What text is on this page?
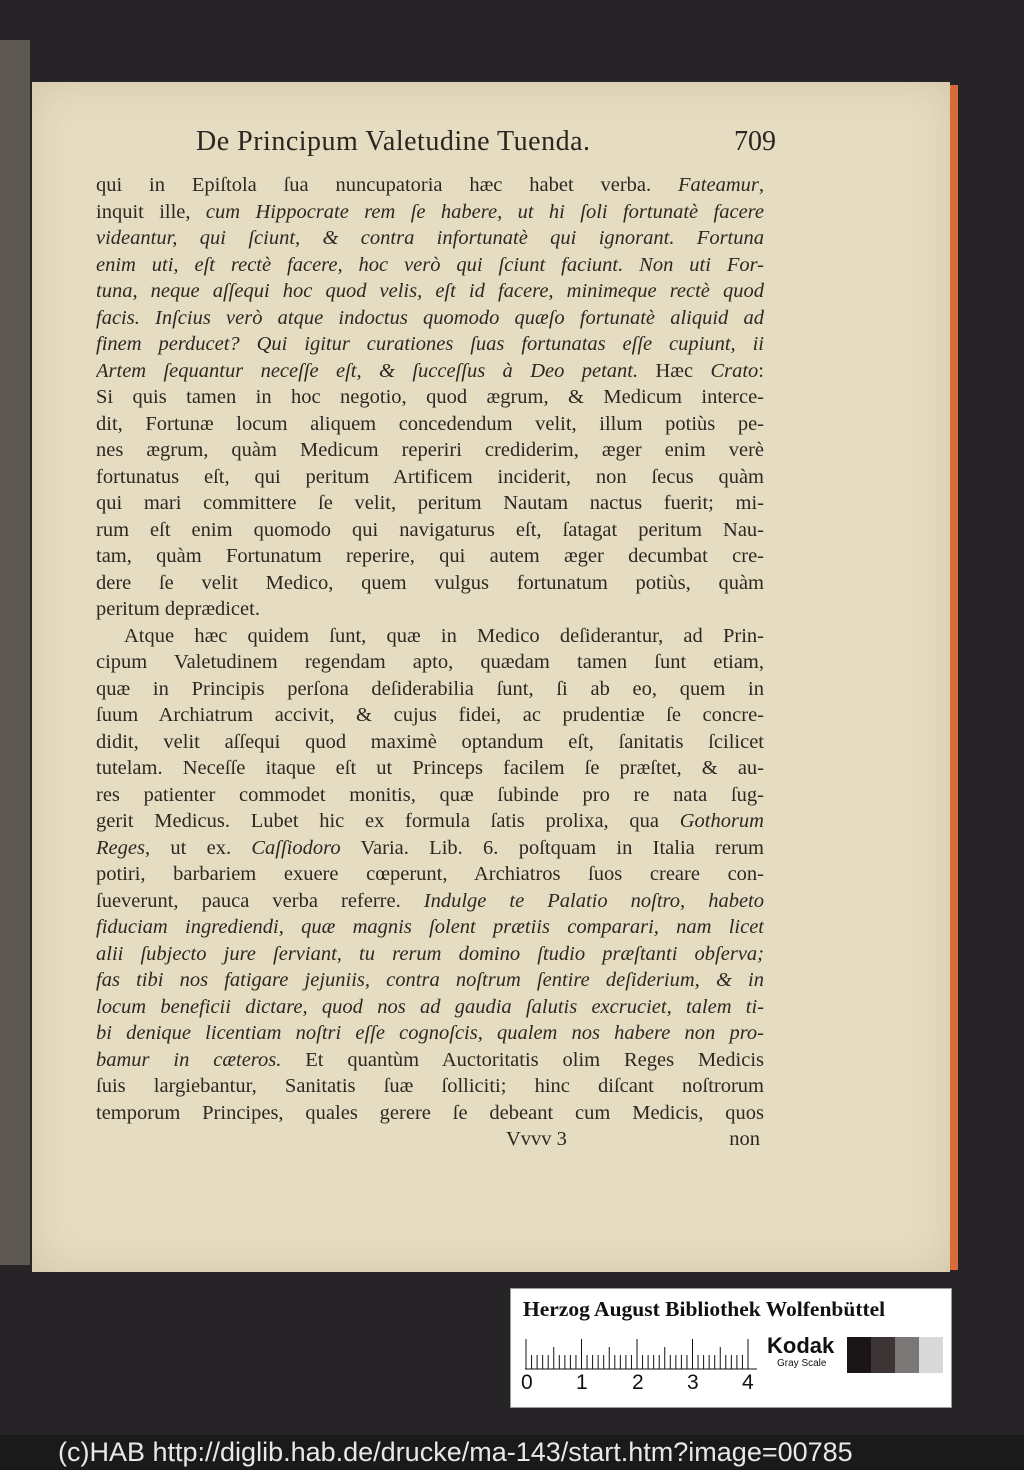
De Principum Valetudine Tuenda.	709
qui in Epiſtola ſua nuncupatoria hæc habet verba. Fateamur,
inquit ille, cum Hippocrate rem ſe habere, ut hi ſoli fortunatè facere
videantur, qui ſciunt, & contra infortunatè qui ignorant. Fortuna
enim uti, eſt rectè facere, hoc verò qui ſciunt faciunt. Non uti For-
tuna, neque aſſequi hoc quod velis, eſt id facere, minimeque rectè quod
facis. Inſcius verò atque indoctus quomodo quæſo fortunatè aliquid ad
finem perducet? Qui igitur curationes ſuas fortunatas eſſe cupiunt, ii
Artem ſequantur neceſſe eſt, & ſucceſſus à Deo petant. Hæc Crato:
Si quis tamen in hoc negotio, quod ægrum, & Medicum interce-
dit, Fortunæ locum aliquem concedendum velit, illum potiùs pe-
nes ægrum, quàm Medicum reperiri crediderim, æger enim verè
fortunatus eſt, qui peritum Artificem inciderit, non ſecus quàm
qui mari committere ſe velit, peritum Nautam nactus fuerit; mi-
rum eſt enim quomodo qui navigaturus eſt, ſatagat peritum Nau-
tam, quàm Fortunatum reperire, qui autem æger decumbat cre-
dere ſe velit Medico, quem vulgus fortunatum potiùs, quàm
peritum deprædicet.
Atque hæc quidem ſunt, quæ in Medico deſiderantur, ad Prin-
cipum Valetudinem regendam apto, quædam tamen ſunt etiam,
quæ in Principis perſona deſiderabilia ſunt, ſi ab eo, quem in
ſuum Archiatrum accivit, & cujus fidei, ac prudentiæ ſe concre-
didit, velit aſſequi quod maximè optandum eſt, ſanitatis ſcilicet
tutelam. Neceſſe itaque eſt ut Princeps facilem ſe præſtet, & au-
res patienter commodet monitis, quæ ſubinde pro re nata ſug-
gerit Medicus. Lubet hic ex formula ſatis prolixa, qua Gothorum
Reges, ut ex. Caſſiodoro Varia. Lib. 6. poſtquam in Italia rerum
potiri, barbariem exuere cœperunt, Archiatros ſuos creare con-
ſueverunt, pauca verba referre. Indulge te Palatio noſtro, habeto
fiduciam ingrediendi, quæ magnis ſolent prætiis comparari, nam licet
alii ſubjecto jure ſerviant, tu rerum domino ſtudio præſtanti obſerva;
fas tibi nos fatigare jejuniis, contra noſtrum ſentire deſiderium, & in
locum beneficii dictare, quod nos ad gaudia ſalutis excruciet, talem ti-
bi denique licentiam noſtri eſſe cognoſcis, qualem nos habere non pro-
bamur in cæteros. Et quantùm Auctoritatis olim Reges Medicis
ſuis largiebantur, Sanitatis ſuæ ſolliciti; hinc diſcant noſtrorum
temporum Principes, quales gerere ſe debeant cum Medicis, quos
Vvvv 3	non
Herzog August Bibliothek Wolfenbüttel
0 1 2 3 4
Kodak
Gray Scale
(c)HAB http://diglib.hab.de/drucke/ma-143/start.htm?image=00785
